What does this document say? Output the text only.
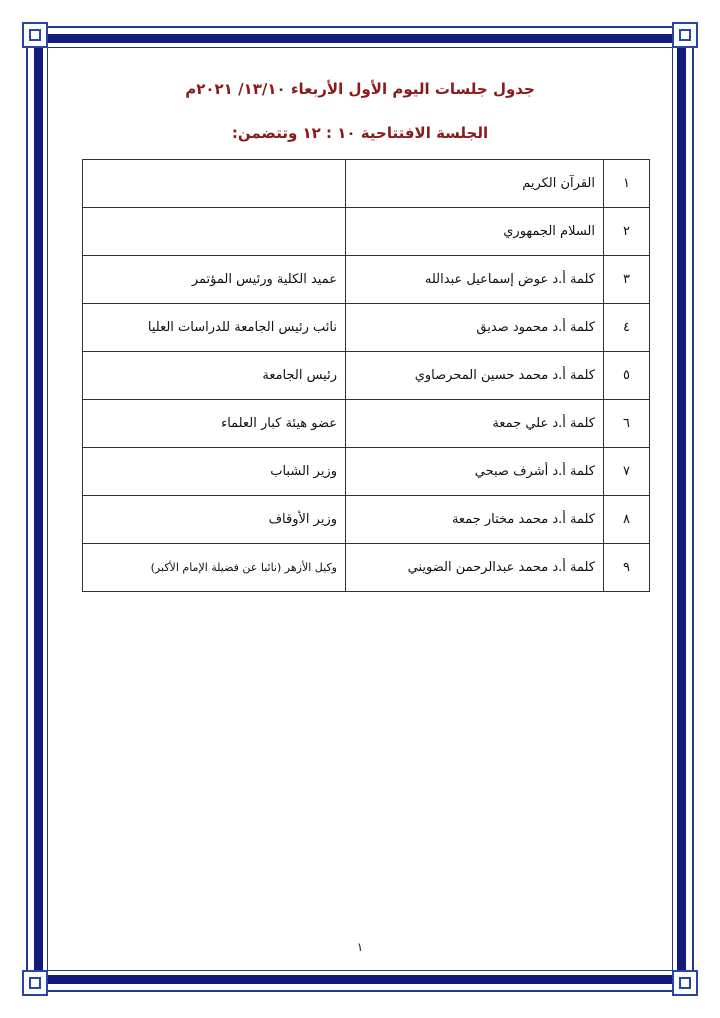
جدول جلسات اليوم الأول الأربعاء ١٣/١٠/ ٢٠٢١م
الجلسة الافتتاحية ١٠ : ١٢ وتتضمن:
١	القرآن الكريم	
٢	السلام الجمهوري	
٣	كلمة أ.د عوض إسماعيل عبدالله	عميد الكلية ورئيس المؤتمر
٤	كلمة أ.د محمود صديق	نائب رئيس الجامعة للدراسات العليا
٥	كلمة أ.د محمد حسين المحرصاوي	رئيس الجامعة
٦	كلمة أ.د علي جمعة	عضو هيئة كبار العلماء
٧	كلمة أ.د أشرف صبحي	وزير الشباب
٨	كلمة أ.د محمد مختار جمعة	وزير الأوقاف
٩	كلمة أ.د محمد عبدالرحمن الضويني	وكيل الأزهر (نائبا عن فضيلة الإمام الأكبر)
١
